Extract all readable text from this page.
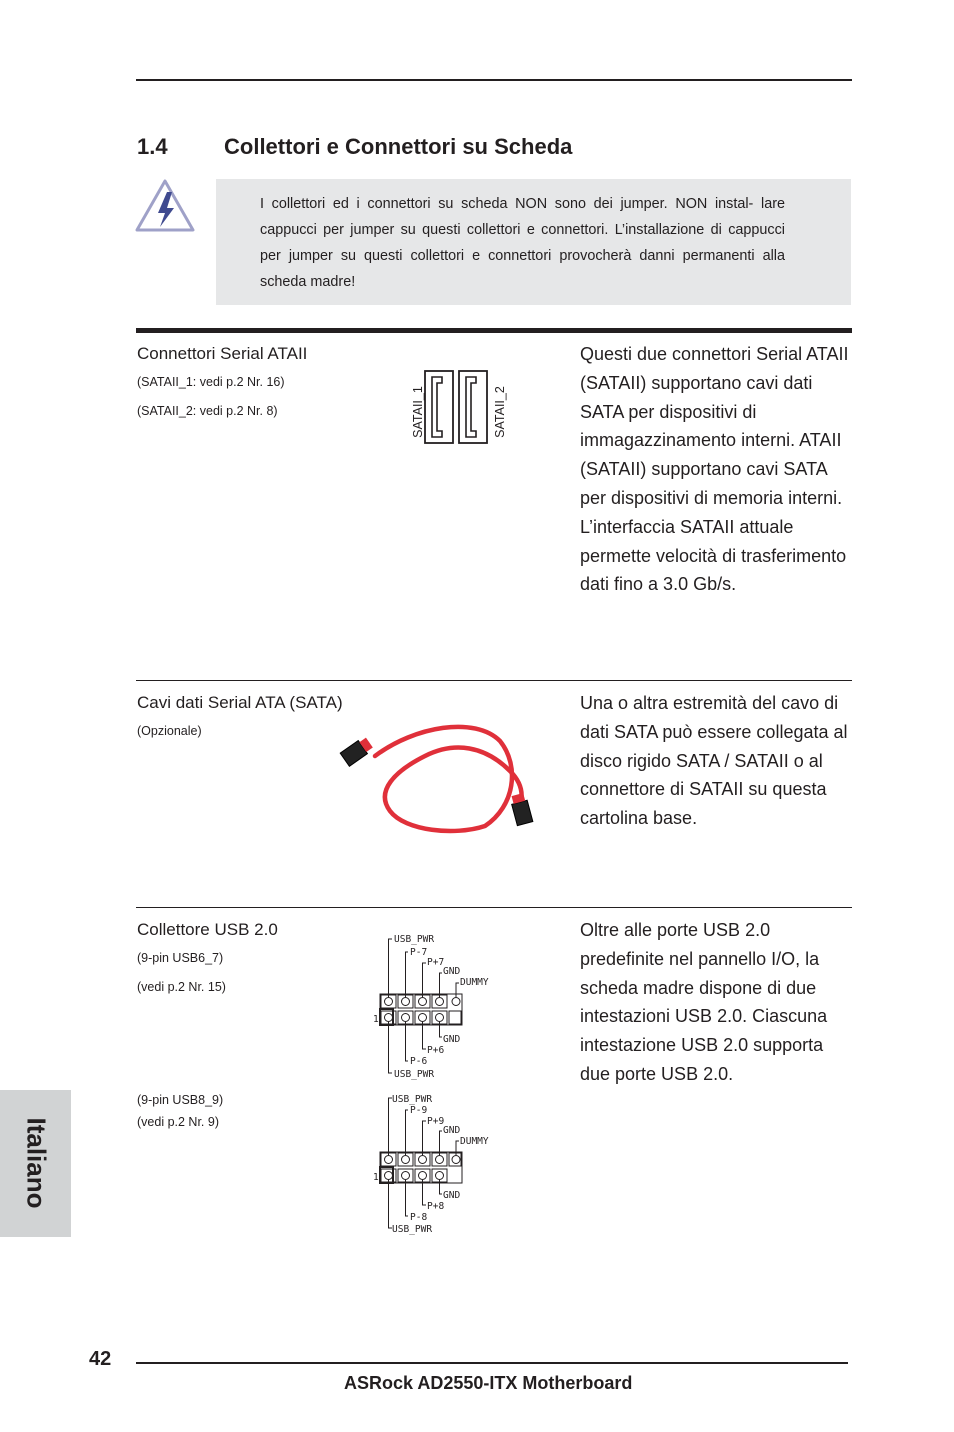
1.4	Collettori e Connettori su Scheda
I collettori ed i connettori su scheda NON sono dei jumper. NON instal- lare cappucci per jumper su questi collettori e connettori. L’installazione di cappucci per jumper su questi collettori e connettori provocherà danni permanenti alla scheda madre!
Connettori Serial ATAII
(SATAII_1: vedi p.2 Nr. 16)
(SATAII_2: vedi p.2 Nr. 8)	SATAII_1	SATAII_2
Questi due connettori Serial ATAII (SATAII) supportano cavi dati SATA per dispositivi di immagazzinamento interni. ATAII (SATAII) supportano cavi SATA per dispositivi di memoria interni. L’interfaccia SATAII attuale permette velocità di trasferimento dati fino a 3.0 Gb/s.
Cavi dati Serial ATA (SATA)
(Opzionale)
Una o altra estremità del cavo di dati SATA può essere collegata al disco rigido SATA / SATAII o al connettore di SATAII su questa cartolina base.
Collettore USB 2.0
(9-pin USB6_7)
(vedi p.2 Nr. 15)
(9-pin USB8_9)
(vedi p.2 Nr. 9)
USB_PWR
P-7
P+7
GND
DUMMY
GND
P+6
P-6
USB_PWR
1
USB_PWR
P-9
P+9
GND
DUMMY
GND
P+8
P-8
USB_PWR
1
Oltre alle porte USB 2.0 predefinite nel pannello I/O, la scheda madre dispone di due intestazioni USB 2.0. Ciascuna intestazione USB 2.0 supporta due porte USB 2.0.
Italiano
42
ASRock AD2550-ITX Motherboard
